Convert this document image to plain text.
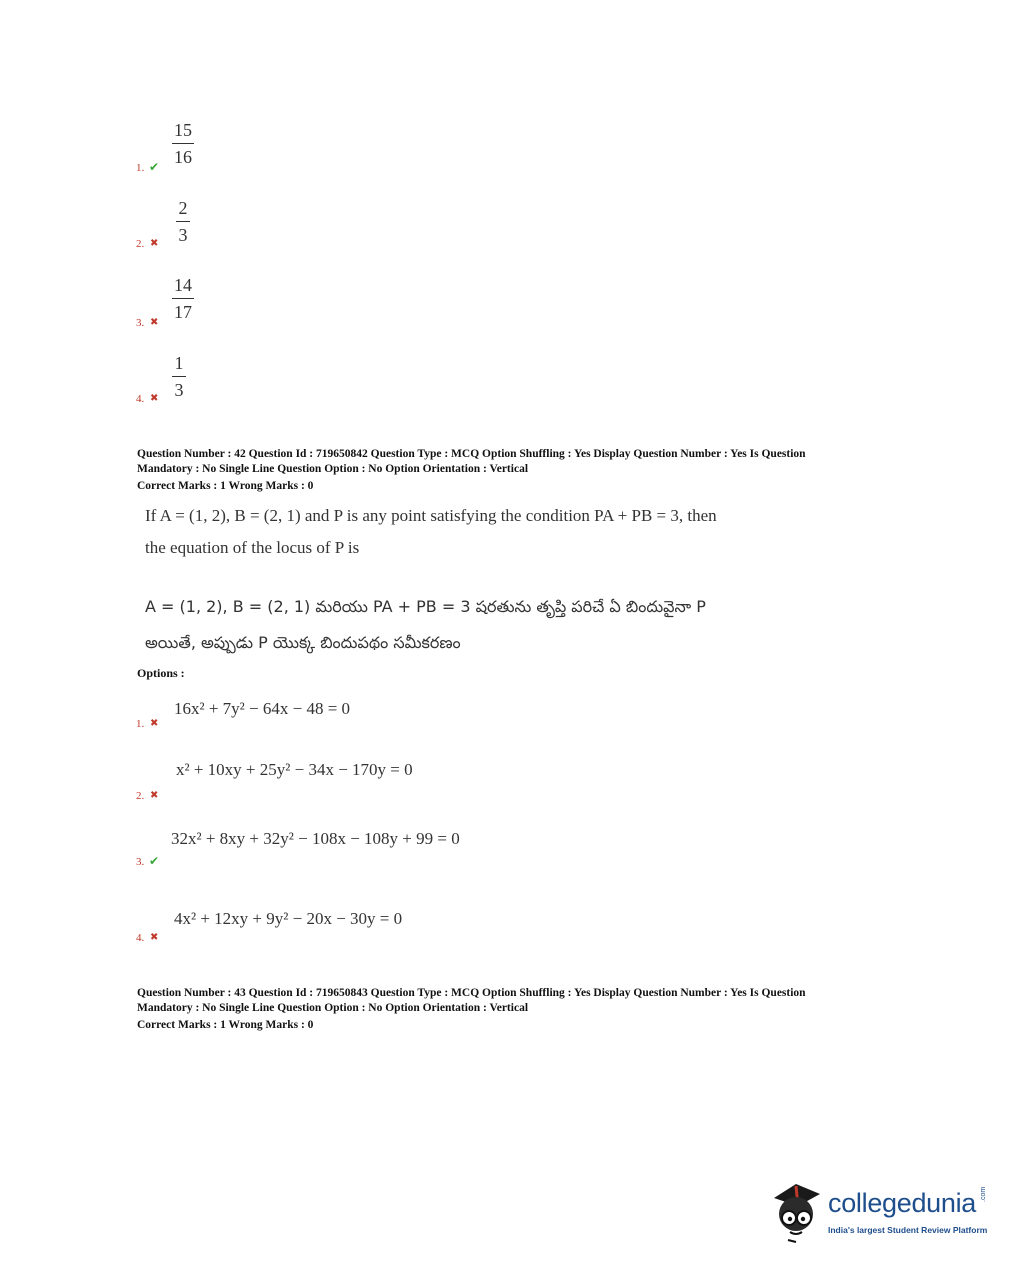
15
16
1. ✔
2
3
2. ✖
14
17
3. ✖
1
3
4. ✖
Question Number : 42 Question Id : 719650842 Question Type : MCQ Option Shuffling : Yes Display Question Number : Yes Is Question
Mandatory : No Single Line Question Option : No Option Orientation : Vertical
Correct Marks : 1 Wrong Marks : 0
If A = (1, 2), B = (2, 1) and P is any point satisfying the condition PA + PB = 3, then
the equation of the locus of P is
A = (1, 2), B = (2, 1) మరియు PA + PB = 3 షరతును తృప్తి పరిచే ఏ బిందువైనా P
అయితే, అప్పుడు P యొక్క బిందుపథం సమీకరణం
Options :
16x² + 7y² − 64x − 48 = 0
1. ✖
x² + 10xy + 25y² − 34x − 170y = 0
2. ✖
32x² + 8xy + 32y² − 108x − 108y + 99 = 0
3. ✔
4x² + 12xy + 9y² − 20x − 30y = 0
4. ✖
Question Number : 43 Question Id : 719650843 Question Type : MCQ Option Shuffling : Yes Display Question Number : Yes Is Question
Mandatory : No Single Line Question Option : No Option Orientation : Vertical
Correct Marks : 1 Wrong Marks : 0
collegedunia .com
India's largest Student Review Platform
